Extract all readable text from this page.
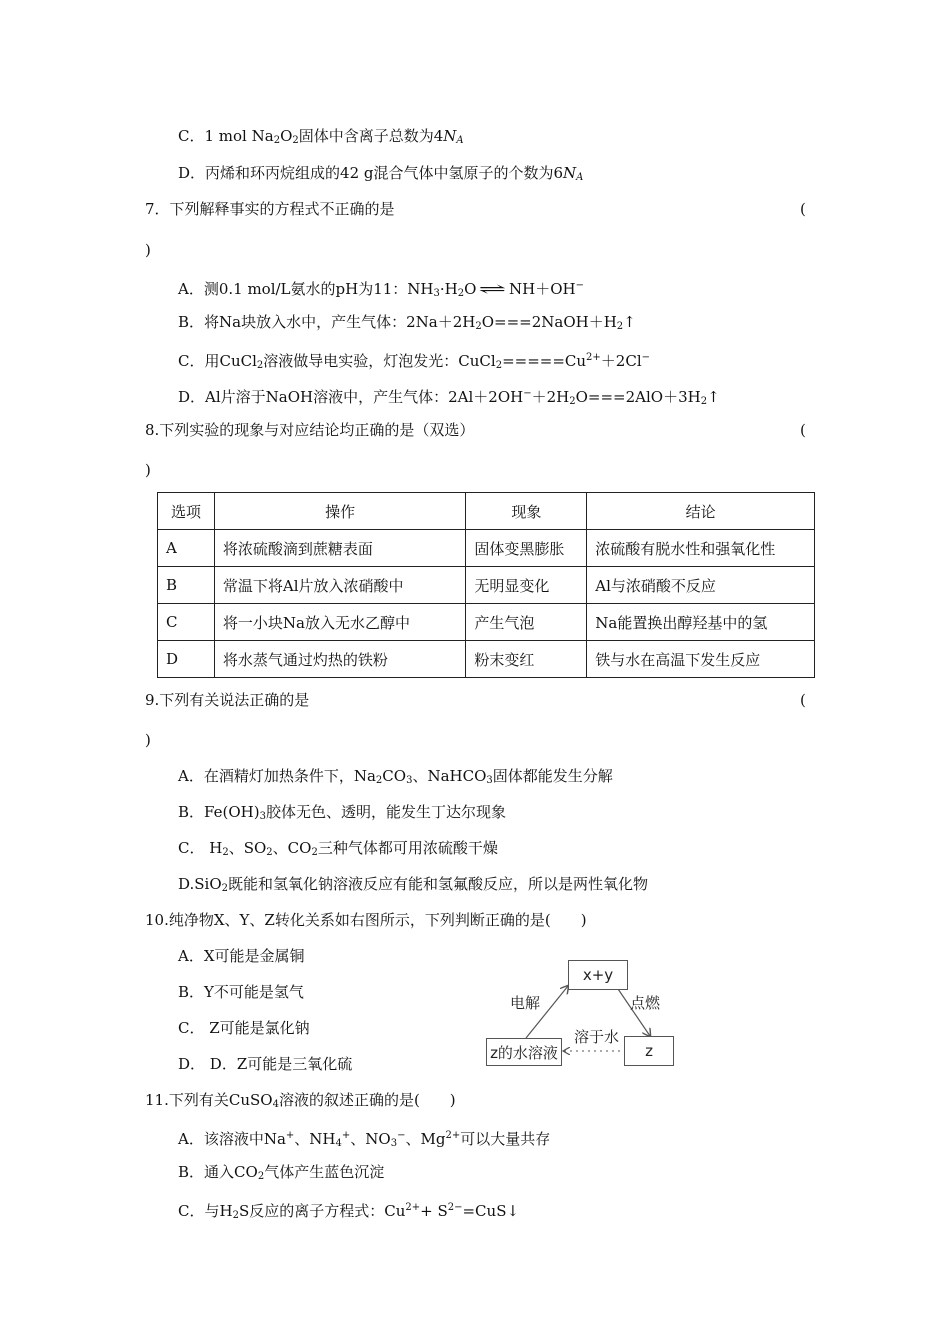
C．1 mol $Na_2O_2$固体中含离子总数为$4N_A$
D．丙烯和环丙烷组成的42 g混合气体中氢原子的个数为$6N_A$
7．下列解释事实的方程式不正确的是	(
)
A．测0.1 mol/L氨水的pH为11：$NH_3\cdot H_2O$ ⇌ NH＋OH−
B．将Na块放入水中，产生气体：$2Na+2H_2O===2NaOH+H_2↑$
C．用CuCl$_2$溶液做导电实验，灯泡发光：$CuCl_2=====Cu^{2+}+2Cl^-$
D．Al片溶于NaOH溶液中，产生气体：$2Al+2OH^-+2H_2O===2AlO+3H_2↑$
8.下列实验的现象与对应结论均正确的是（双选）	(
)
选项	操作	现象	结论
A	将浓硫酸滴到蔗糖表面	固体变黑膨胀	浓硫酸有脱水性和强氧化性
B	常温下将Al片放入浓硝酸中	无明显变化	Al与浓硝酸不反应
C	将一小块Na放入无水乙醇中	产生气泡	Na能置换出醇羟基中的氢
D	将水蒸气通过灼热的铁粉	粉末变红	铁与水在高温下发生反应
9.下列有关说法正确的是	(
)
A．在酒精灯加热条件下，$Na_2CO_3$、NaHCO$_3$固体都能发生分解
B．$Fe(OH)_3$胶体无色、透明，能发生丁达尔现象
C． $H_2$、$SO_2$、$CO_2$三种气体都可用浓硫酸干燥
D.SiO$_2$既能和氢氧化钠溶液反应有能和氢氟酸反应，所以是两性氧化物
10.纯净物X、Y、Z转化关系如右图所示，下列判断正确的是(　　)
A．X可能是金属铜
B．Y不可能是氢气
C． Z可能是氯化钠
D． D．Z可能是三氧化硫
x+y
电解	点燃
溶于水
z的水溶液	z
11.下列有关CuSO$_4$溶液的叙述正确的是(　　)
A．该溶液中Na+、$NH_4^+$、$NO_3^-$、$Mg^{2+}$可以大量共存
B．通入$CO_2$气体产生蓝色沉淀
C．与$H_2S$反应的离子方程式：$Cu^{2+}+$ $S^{2-}=CuS↓$
